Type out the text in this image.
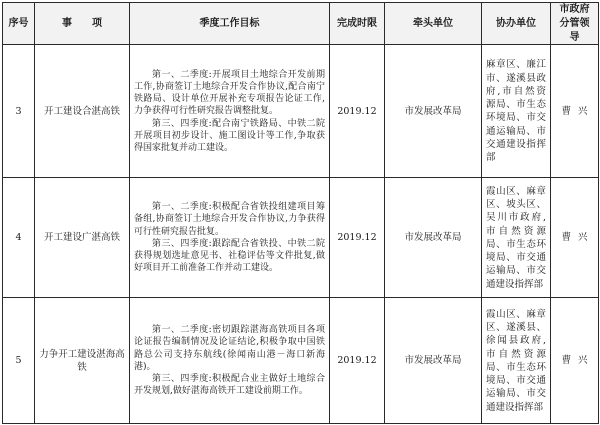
序号	事　　项	季度工作目标	完成时限	牵头单位	协办单位	市政府分管领导
3	开工建设合湛高铁	第一、二季度:开展项目土地综合开发前期工作,协商签订土地综合开发合作协议,配合南宁铁路局、设计单位开展补充专项报告论证工作,力争获得可行性研究报告调整批复。

第三、四季度:配合南宁铁路局、中铁二院开展项目初步设计、施工图设计等工作,争取获得国家批复并动工建设。	2019.12	市发展改革局	麻章区、廉江市、遂溪县政府,市自然资源局、市生态环境局、市交通运输局、市交通建设指挥部	曹兴
4	开工建设广湛高铁	第一、二季度:积极配合省铁投组建项目筹备组,协商签订土地综合开发合作协议,力争获得可行性研究报告批复。

第三、四季度:跟踪配合省铁投、中铁二院获得规划选址意见书、社稳评估等文件批复,做好项目开工前准备工作并动工建设。	2019.12	市发展改革局	霞山区、麻章区、坡头区、吴川市政府,市自然资源局、市生态环境局、市交通运输局、市交通建设指挥部	曹兴
5	力争开工建设湛海高铁	第一、二季度:密切跟踪湛海高铁项目各项论证报告编制情况及论证结论,积极争取中国铁路总公司支持东航线(徐闻南山港－海口新海港)。

第三、四季度:积极配合业主做好土地综合开发规划,做好湛海高铁开工建设前期工作。	2019.12	市发展改革局	霞山区、麻章区、遂溪县、徐闻县政府,市自然资源局、市生态环境局、市交通运输局、市交通建设指挥部	曹兴
